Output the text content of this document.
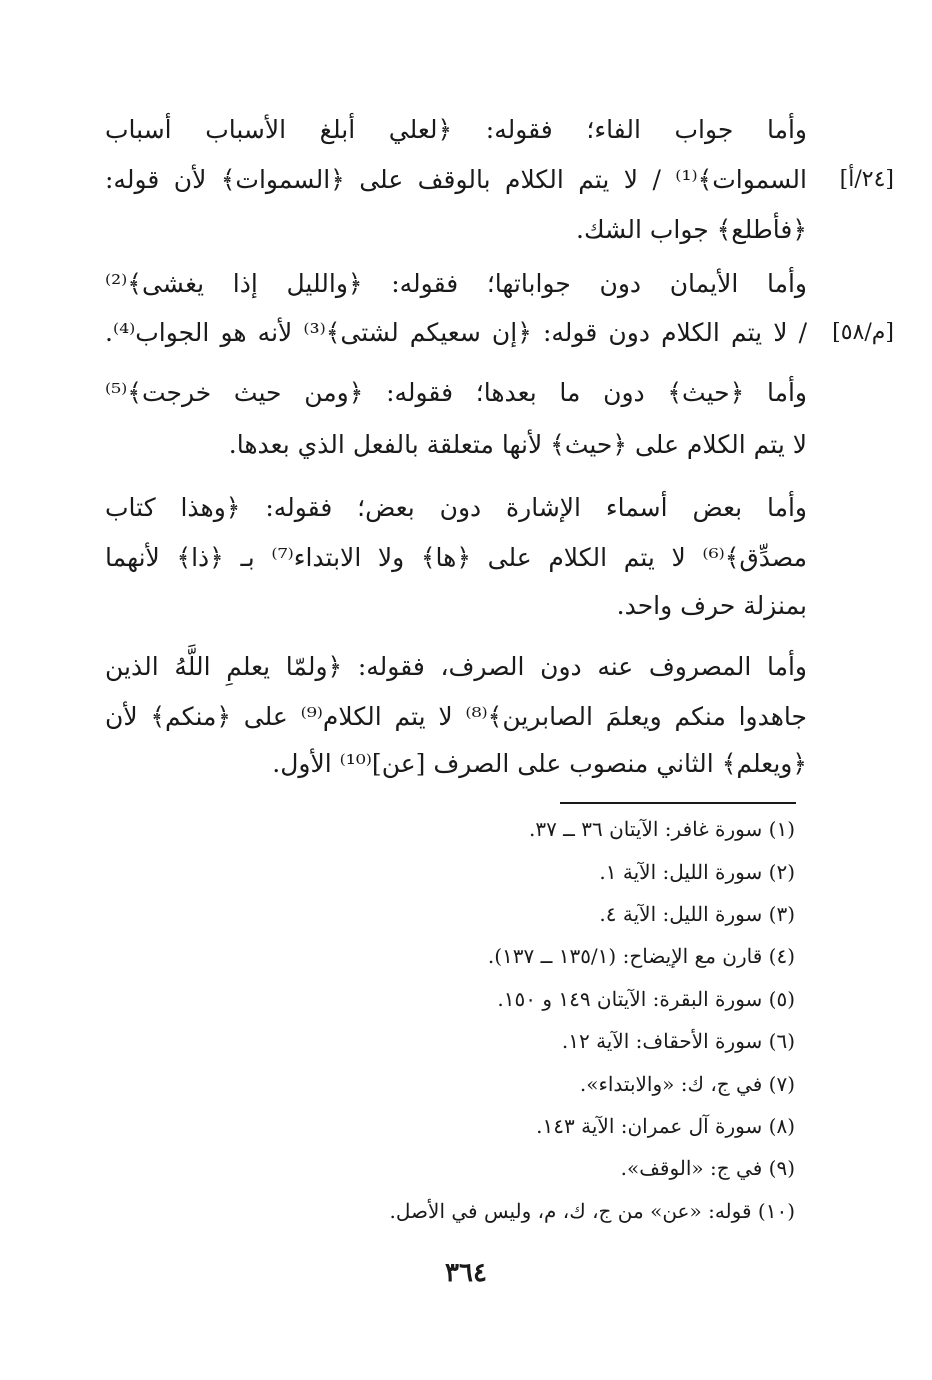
وأما جواب الفاء؛ فقوله: ﴿لعلي أبلغ الأسباب أسباب
[٢٤/أ]
السموات﴾⁽¹⁾ / لا يتم الكلام بالوقف على ﴿السموات﴾ لأن قوله:
﴿فأطلع﴾ جواب الشك.
وأما الأيمان دون جواباتها؛ فقوله: ﴿والليل إذا يغشى﴾⁽²⁾
[م/٥٨]
/ لا يتم الكلام دون قوله: ﴿إن سعيكم لشتى﴾⁽³⁾ لأنه هو الجواب⁽⁴⁾.
وأما ﴿حيث﴾ دون ما بعدها؛ فقوله: ﴿ومن حيث خرجت﴾⁽⁵⁾
لا يتم الكلام على ﴿حيث﴾ لأنها متعلقة بالفعل الذي بعدها.
وأما بعض أسماء الإشارة دون بعض؛ فقوله: ﴿وهذا كتاب
مصدِّق﴾⁽⁶⁾ لا يتم الكلام على ﴿ها﴾ ولا الابتداء⁽⁷⁾ بـ ﴿ذا﴾ لأنهما
بمنزلة حرف واحد.
وأما المصروف عنه دون الصرف، فقوله: ﴿ولمّا يعلمِ اللَّهُ الذين
جاهدوا منكم ويعلمَ الصابرين﴾⁽⁸⁾ لا يتم الكلام⁽⁹⁾ على ﴿منكم﴾ لأن
﴿ويعلم﴾ الثاني منصوب على الصرف [عن]⁽¹⁰⁾ الأول.
(١) سورة غافر: الآيتان ٣٦ ــ ٣٧.
(٢) سورة الليل: الآية ١.
(٣) سورة الليل: الآية ٤.
(٤) قارن مع الإيضاح: (١٣٥/١ ــ ١٣٧).
(٥) سورة البقرة: الآيتان ١٤٩ و ١٥٠.
(٦) سورة الأحقاف: الآية ١٢.
(٧) في ج، ك: «والابتداء».
(٨) سورة آل عمران: الآية ١٤٣.
(٩) في ج: «الوقف».
(١٠) قوله: «عن» من ج، ك، م، وليس في الأصل.
٣٦٤
